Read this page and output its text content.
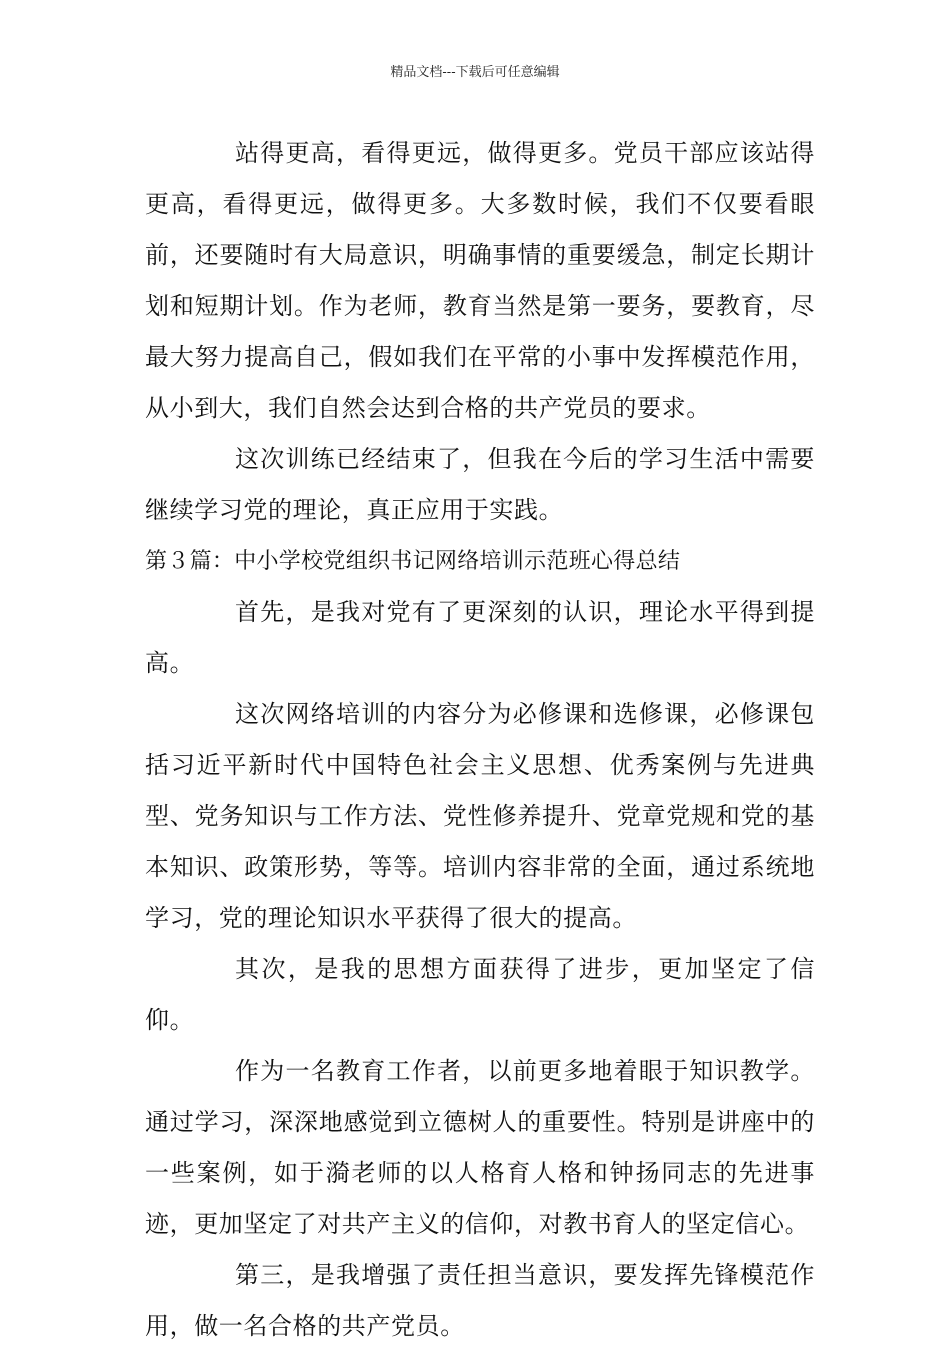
精品文档---下载后可任意编辑

站得更高，看得更远，做得更多。党员干部应该站得更高，看得更远，做得更多。大多数时候，我们不仅要看眼前，还要随时有大局意识，明确事情的重要缓急，制定长期计划和短期计划。作为老师，教育当然是第一要务，要教育，尽最大努力提高自己，假如我们在平常的小事中发挥模范作用，从小到大，我们自然会达到合格的共产党员的要求。

这次训练已经结束了，但我在今后的学习生活中需要继续学习党的理论，真正应用于实践。

第３篇：中小学校党组织书记网络培训示范班心得总结

首先，是我对党有了更深刻的认识，理论水平得到提高。

这次网络培训的内容分为必修课和选修课，必修课包括习近平新时代中国特色社会主义思想、优秀案例与先进典型、党务知识与工作方法、党性修养提升、党章党规和党的基本知识、政策形势，等等。培训内容非常的全面，通过系统地学习，党的理论知识水平获得了很大的提高。

其次，是我的思想方面获得了进步，更加坚定了信仰。

作为一名教育工作者，以前更多地着眼于知识教学。通过学习，深深地感觉到立德树人的重要性。特别是讲座中的一些案例，如于漪老师的以人格育人格和钟扬同志的先进事迹，更加坚定了对共产主义的信仰，对教书育人的坚定信心。

第三，是我增强了责任担当意识，要发挥先锋模范作用，做一名合格的共产党员。
